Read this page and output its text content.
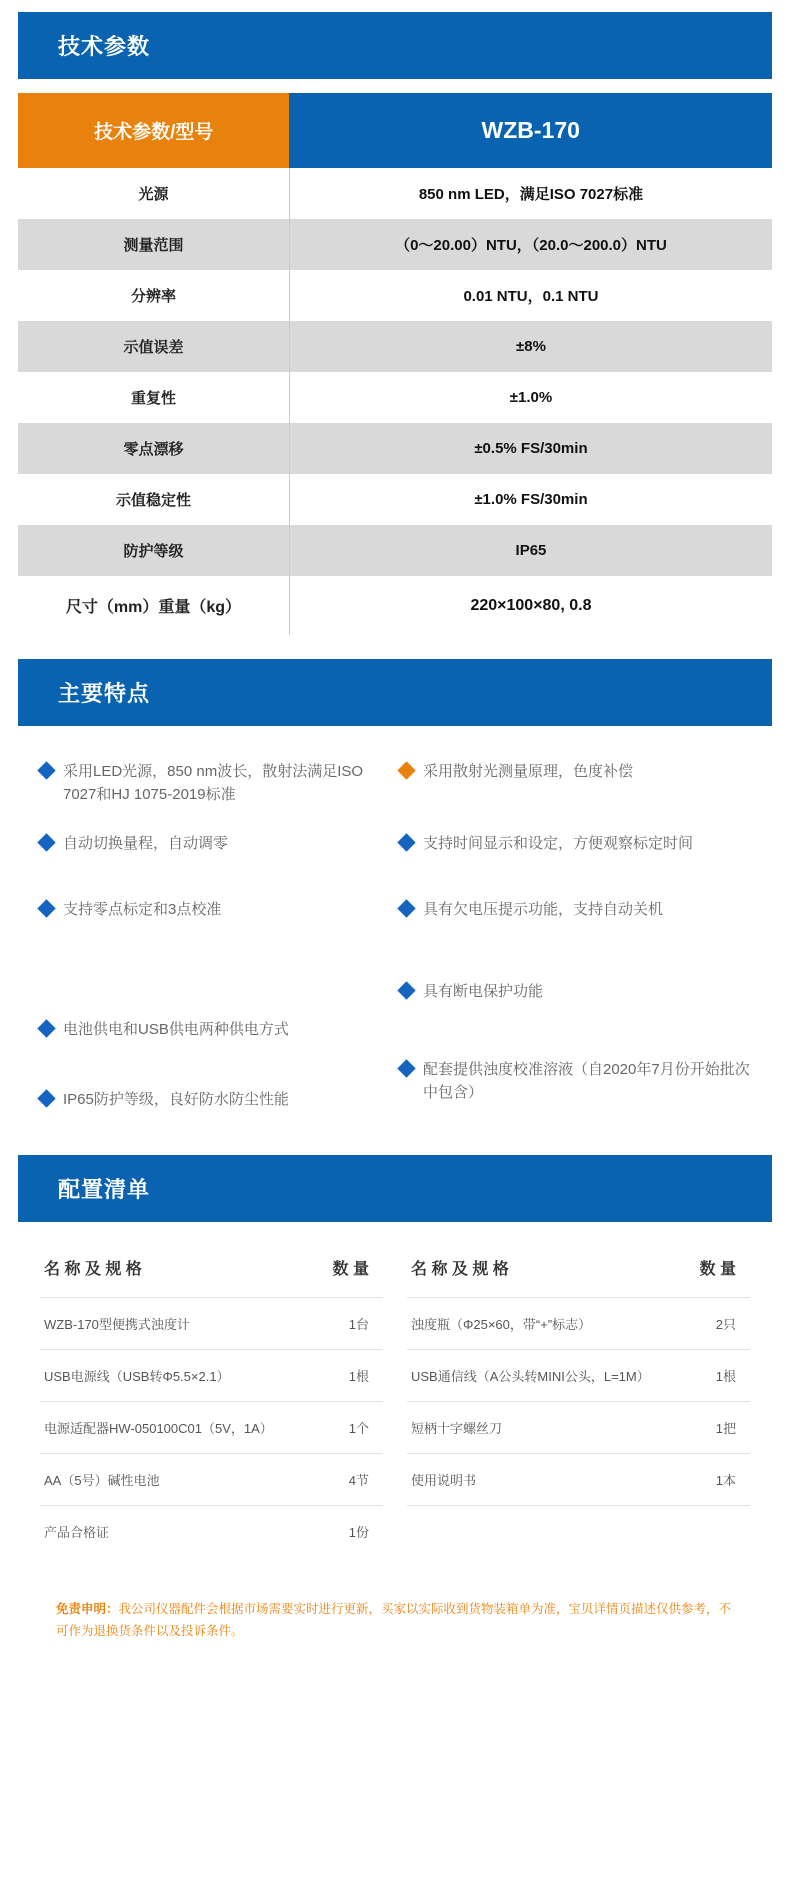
技术参数
技术参数/型号	WZB-170
光源	850 nm LED，满足ISO 7027标准
测量范围	（0～20.00）NTU，（20.0～200.0）NTU
分辨率	0.01 NTU，0.1 NTU
示值误差	±8%
重复性	±1.0%
零点漂移	±0.5% FS/30min
示值稳定性	±1.0% FS/30min
防护等级	IP65
尺寸（mm）重量（kg）	220×100×80, 0.8
主要特点
采用LED光源，850 nm波长，散射法满足ISO 7027和HJ 1075-2019标准
自动切换量程，自动调零
支持零点标定和3点校准
电池供电和USB供电两种供电方式
IP65防护等级，良好防水防尘性能
采用散射光测量原理，色度补偿
支持时间显示和设定，方便观察标定时间
具有欠电压提示功能，支持自动关机
具有断电保护功能
配套提供浊度校准溶液（自2020年7月份开始批次中包含）
配置清单
名 称 及 规 格	数 量		名 称 及 规 格	数 量
WZB-170型便携式浊度计	1台		浊度瓶（Φ25×60，带“+”标志）	2只
USB电源线（USB转Φ5.5×2.1）	1根		USB通信线（A公头转MINI公头，L=1M）	1根
电源适配器HW-050100C01（5V，1A）	1个		短柄十字螺丝刀	1把
AA（5号）碱性电池	4节		使用说明书	1本
产品合格证	1份			
免责申明：我公司仪器配件会根据市场需要实时进行更新，买家以实际收到货物装箱单为准，宝贝详情页描述仅供参考，不可作为退换货条件以及投诉条件。
